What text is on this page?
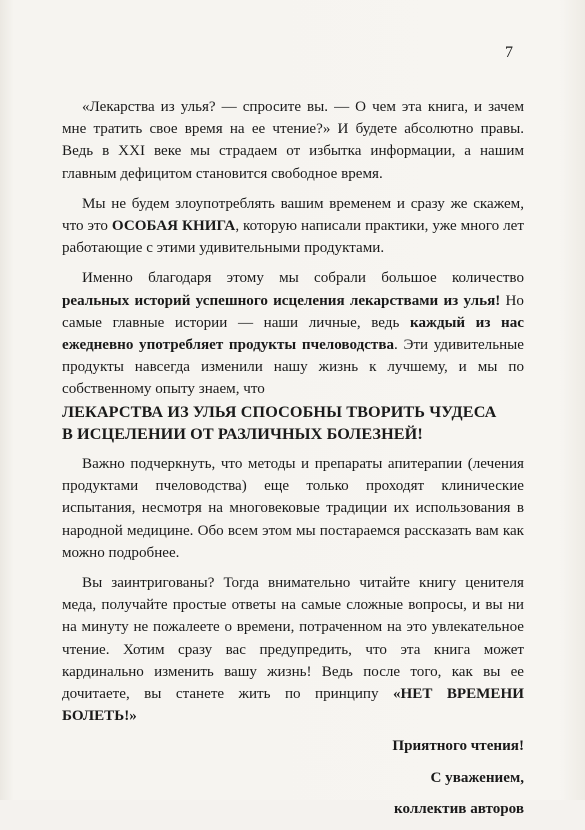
7

«Лекарства из улья? — спросите вы. — О чем эта книга, и зачем мне тратить свое время на ее чтение?» И будете абсолютно правы. Ведь в XXI веке мы страдаем от избытка информации, а нашим главным дефицитом становится свободное время.

Мы не будем злоупотреблять вашим временем и сразу же скажем, что это ОСОБАЯ КНИГА, которую написали практики, уже много лет работающие с этими удивительными продуктами.

Именно благодаря этому мы собрали большое количество реальных историй успешного исцеления лекарствами из улья! Но самые главные истории — наши личные, ведь каждый из нас ежедневно употребляет продукты пчеловодства. Эти удивительные продукты навсегда изменили нашу жизнь к лучшему, и мы по собственному опыту знаем, что
ЛЕКАРСТВА ИЗ УЛЬЯ СПОСОБНЫ ТВОРИТЬ ЧУДЕСА
В ИСЦЕЛЕНИИ ОТ РАЗЛИЧНЫХ БОЛЕЗНЕЙ!

Важно подчеркнуть, что методы и препараты апитерапии (лечения продуктами пчеловодства) еще только проходят клинические испытания, несмотря на многовековые традиции их использования в народной медицине. Обо всем этом мы постараемся рассказать вам как можно подробнее.

Вы заинтригованы? Тогда внимательно читайте книгу ценителя меда, получайте простые ответы на самые сложные вопросы, и вы ни на минуту не пожалеете о времени, потраченном на это увлекательное чтение. Хотим сразу вас предупредить, что эта книга может кардинально изменить вашу жизнь! Ведь после того, как вы ее дочитаете, вы станете жить по принципу «НЕТ ВРЕМЕНИ БОЛЕТЬ!»

Приятного чтения!

С уважением,

коллектив авторов
